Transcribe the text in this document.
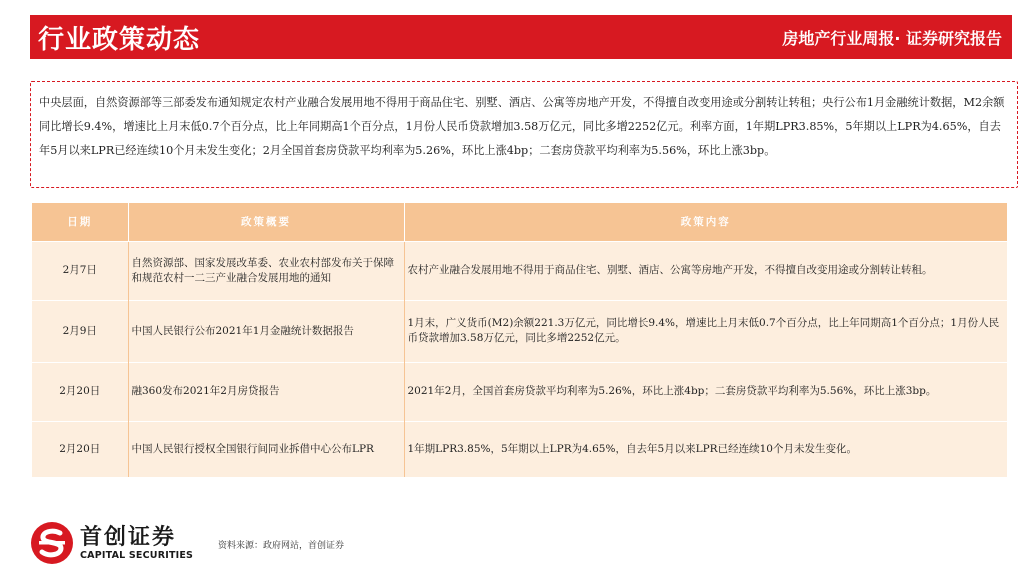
行业政策动态	房地产行业周报· 证券研究报告

中央层面，自然资源部等三部委发布通知规定农村产业融合发展用地不得用于商品住宅、别墅、酒店、公寓等房地产开发，不得擅自改变用途或分割转让转租；央行公布1月金融统计数据，M2余额同比增长9.4%，增速比上月末低0.7个百分点，比上年同期高1个百分点，1月份人民币贷款增加3.58万亿元，同比多增2252亿元。利率方面，1年期LPR3.85%，5年期以上LPR为4.65%，自去年5月以来LPR已经连续10个月未发生变化；2月全国首套房贷款平均利率为5.26%，环比上涨4bp；二套房贷款平均利率为5.56%，环比上涨3bp。

日期	政策概要	政策内容
2月7日	自然资源部、国家发展改革委、农业农村部发布关于保障和规范农村一二三产业融合发展用地的通知	农村产业融合发展用地不得用于商品住宅、别墅、酒店、公寓等房地产开发，不得擅自改变用途或分割转让转租。
2月9日	中国人民银行公布2021年1月金融统计数据报告	1月末，广义货币(M2)余额221.3万亿元，同比增长9.4%，增速比上月末低0.7个百分点，比上年同期高1个百分点；1月份人民币贷款增加3.58万亿元，同比多增2252亿元。
2月20日	融360发布2021年2月房贷报告	2021年2月，全国首套房贷款平均利率为5.26%，环比上涨4bp；二套房贷款平均利率为5.56%，环比上涨3bp。
2月20日	中国人民银行授权全国银行间同业拆借中心公布LPR	1年期LPR3.85%，5年期以上LPR为4.65%，自去年5月以来LPR已经连续10个月未发生变化。
首创证券
CAPITAL SECURITIES
资料来源：政府网站，首创证券
